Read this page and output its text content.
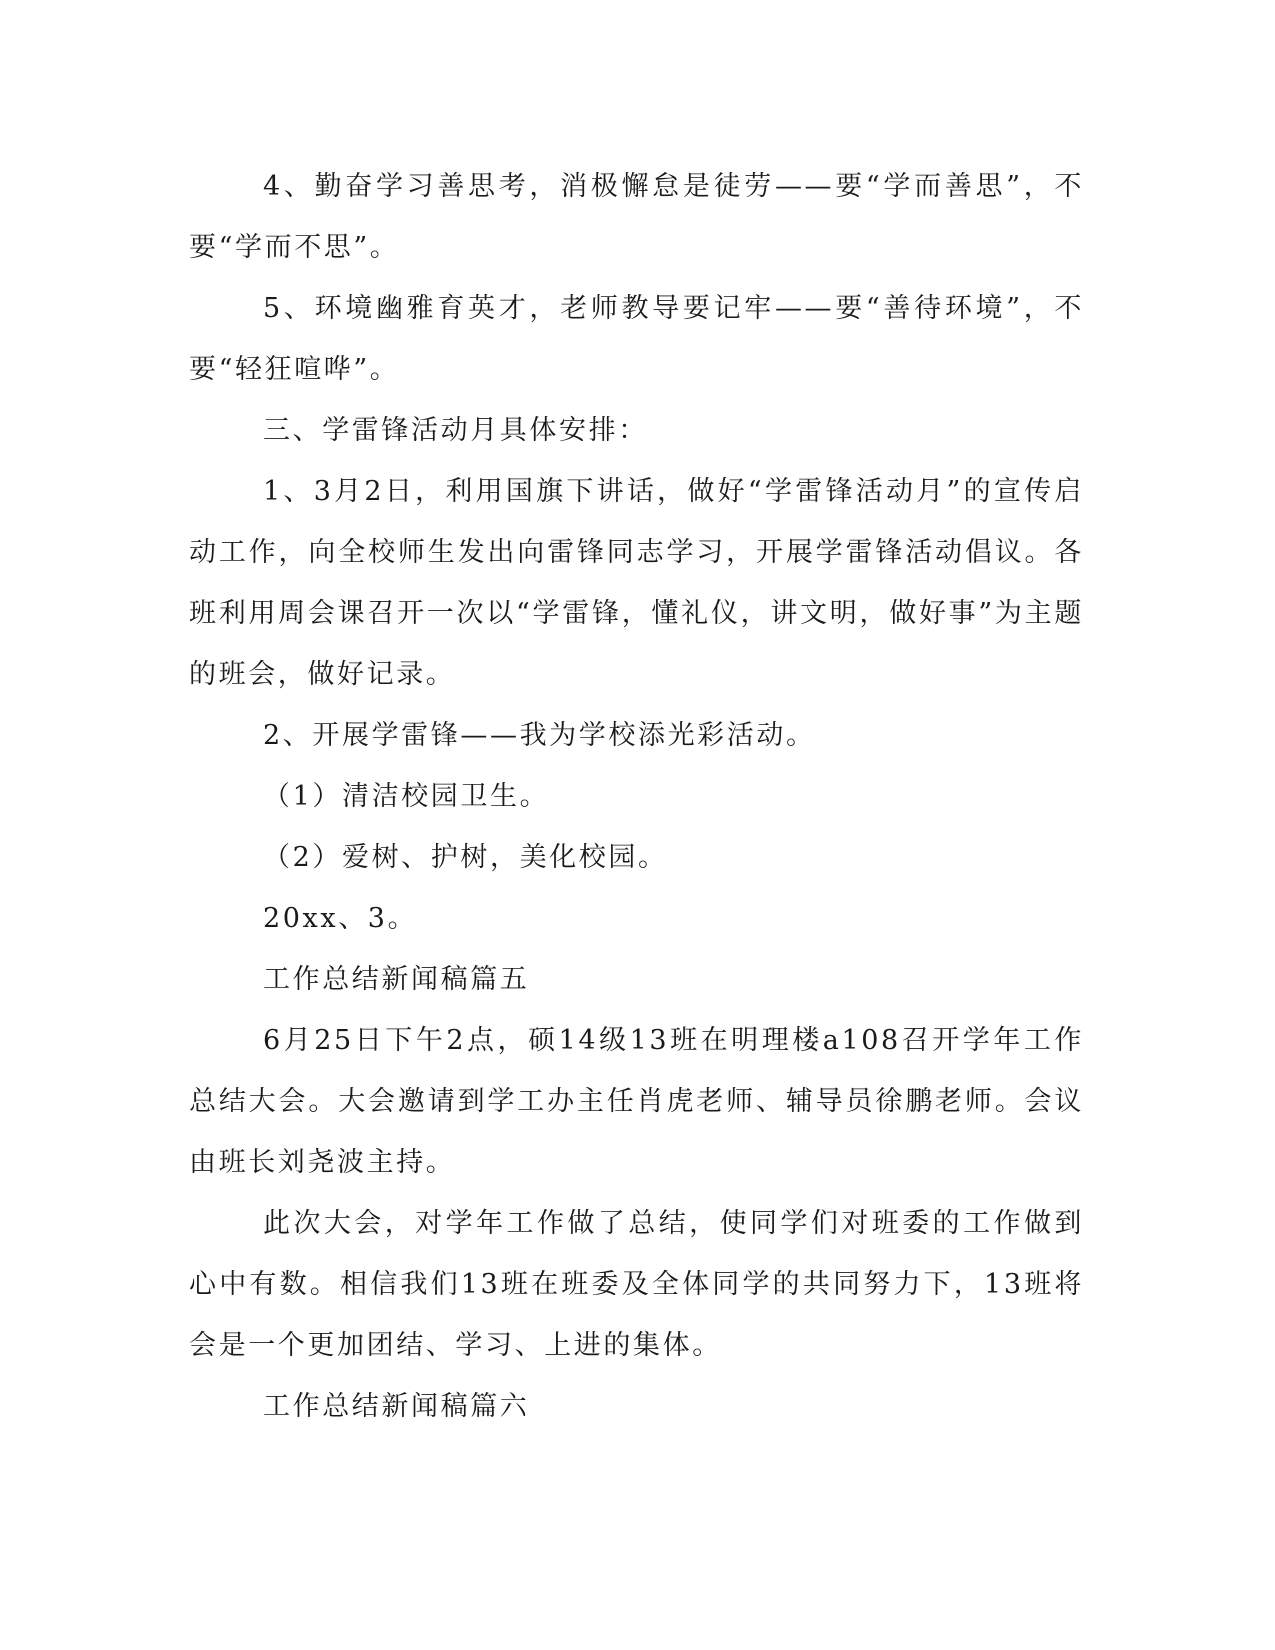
4、勤奋学习善思考，消极懈怠是徒劳——要“学而善思”，不要“学而不思”。

5、环境幽雅育英才，老师教导要记牢——要“善待环境”，不要“轻狂喧哗”。

三、学雷锋活动月具体安排：

1、3月2日，利用国旗下讲话，做好“学雷锋活动月”的宣传启动工作，向全校师生发出向雷锋同志学习，开展学雷锋活动倡议。各班利用周会课召开一次以“学雷锋，懂礼仪，讲文明，做好事”为主题的班会，做好记录。

2、开展学雷锋——我为学校添光彩活动。

（1）清洁校园卫生。

（2）爱树、护树，美化校园。

20xx、3。

工作总结新闻稿篇五

6月25日下午2点，硕14级13班在明理楼a108召开学年工作总结大会。大会邀请到学工办主任肖虎老师、辅导员徐鹏老师。会议由班长刘尧波主持。

此次大会，对学年工作做了总结，使同学们对班委的工作做到心中有数。相信我们13班在班委及全体同学的共同努力下，13班将会是一个更加团结、学习、上进的集体。

工作总结新闻稿篇六
